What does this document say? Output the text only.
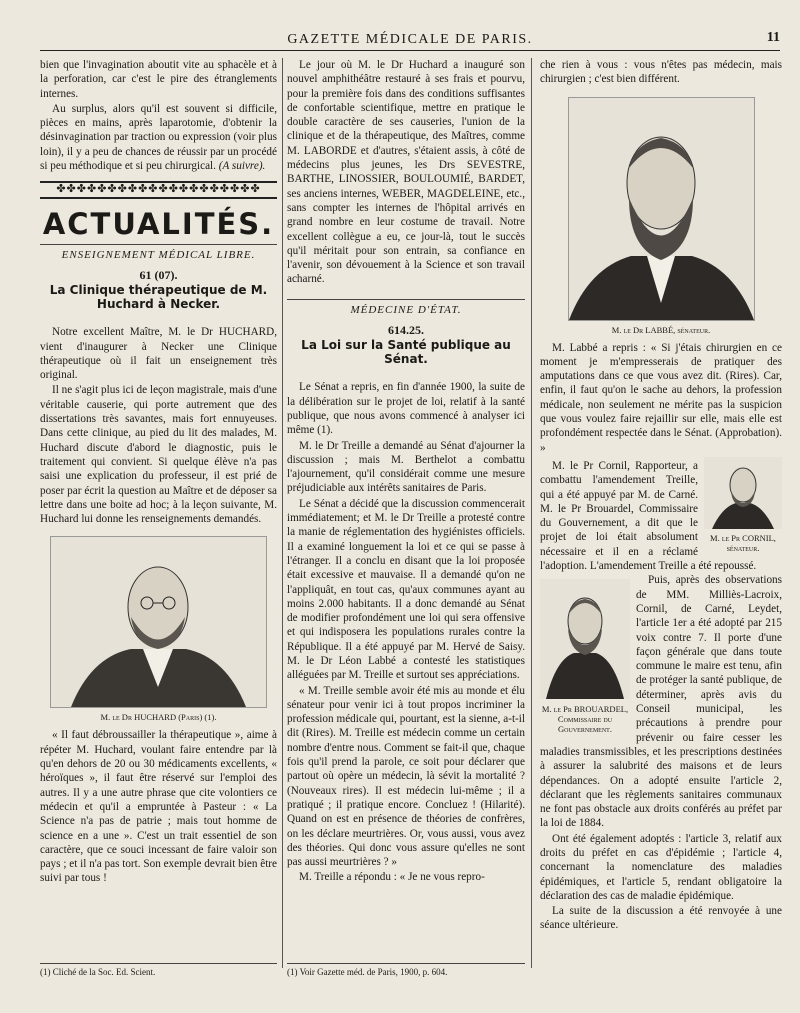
GAZETTE MÉDICALE DE PARIS.	11

bien que l'invagination aboutit vite au sphacèle et à la perforation, car c'est le pire des étranglements internes.

Au surplus, alors qu'il est souvent si difficile, pièces en mains, après laparotomie, d'obtenir la désinvagination par traction ou expression (voir plus loin), il y a peu de chances de réussir par un procédé si peu méthodique et si peu chirurgical. (A suivre).

✤✤✤✤✤✤✤✤✤✤✤✤✤✤✤✤✤✤✤✤
ACTUALITÉS.
ENSEIGNEMENT MÉDICAL LIBRE.
61 (07).
La Clinique thérapeutique de M. Huchard à Necker.

Notre excellent Maître, M. le Dr HUCHARD, vient d'inaugurer à Necker une Clinique thérapeutique où il fait un enseignement très original.

Il ne s'agit plus ici de leçon magistrale, mais d'une véritable causerie, qui porte autrement que des dissertations très savantes, mais fort ennuyeuses. Dans cette clinique, au pied du lit des malades, M. Huchard discute d'abord le diagnostic, puis le traitement qui convient. Si quelque élève n'a pas saisi une explication du professeur, il est prié de poser par écrit la question au Maître et de déposer sa lettre dans une boite ad hoc; à la leçon suivante, M. Huchard lui donne les renseignements demandés.

M. le Dr HUCHARD (Paris) (1).

« Il faut débroussailler la thérapeutique », aime à répéter M. Huchard, voulant faire entendre par là qu'en dehors de 20 ou 30 médicaments excellents, « héroïques », il faut être réservé sur l'emploi des autres. Il y a une autre phrase que cite volontiers ce médecin et qu'il a empruntée à Pasteur : « La Science n'a pas de patrie ; mais tout homme de science en a une ». C'est un trait essentiel de son caractère, que ce souci incessant de faire valoir son pays ; et il n'a pas tort. Son exemple devrait bien être suivi par tous !

(1) Cliché de la Soc. Ed. Scient.

Le jour où M. le Dr Huchard a inauguré son nouvel amphithéâtre restauré à ses frais et pourvu, pour la première fois dans des conditions suffisantes de confortable scientifique, mettre en pratique le double caractère de ses causeries, l'union de la clinique et de la thérapeutique, des Maîtres, comme M. LABORDE et d'autres, s'étaient assis, à côté de médecins plus jeunes, les Drs SEVESTRE, BARTHE, LINOSSIER, BOULOUMIÉ, BARDET, ses anciens internes, WEBER, MAGDELEINE, etc., sans compter les internes de l'hôpital arrivés en grand nombre en leur costume de travail. Notre excellent collègue a eu, ce jour-là, tout le succès qu'il méritait pour son entrain, sa confiance en l'avenir, son dévouement à la Science et son travail acharné.

MÉDECINE D'ÉTAT.
614.25.
La Loi sur la Santé publique au Sénat.

Le Sénat a repris, en fin d'année 1900, la suite de la délibération sur le projet de loi, relatif à la santé publique, que nous avons commencé à analyser ici même (1).

M. le Dr Treille a demandé au Sénat d'ajourner la discussion ; mais M. Berthelot a combattu l'ajournement, qu'il considérait comme une mesure préjudiciable aux intérêts sanitaires de Paris.

Le Sénat a décidé que la discussion commencerait immédiatement; et M. le Dr Treille a protesté contre la manie de réglementation des hygiénistes officiels. Il a examiné longuement la loi et ce qui se passe à l'étranger. Il a conclu en disant que la loi proposée était excessive et mauvaise. Il a demandé qu'on ne l'appliquât, en tout cas, qu'aux communes ayant au moins 2.000 habitants. Il a donc demandé au Sénat de modifier profondément une loi qui sera offensive et qui indisposera les populations rurales contre la République. Il a été appuyé par M. Hervé de Saisy. M. le Dr Léon Labbé a contesté les statistiques alléguées par M. Treille et surtout ses appréciations.

« M. Treille semble avoir été mis au monde et élu sénateur pour venir ici à tout propos incriminer la profession médicale qui, pourtant, est la sienne, a-t-il dit (Rires). M. Treille est médecin comme un certain nombre d'entre nous. Comment se fait-il que, chaque fois qu'il prend la parole, ce soit pour déclarer que partout où opère un médecin, là sévit la mortalité ? (Nouveaux rires). Il est médecin lui-même ; il a pratiqué ; il pratique encore. Concluez ! (Hilarité). Quand on est en présence de théories de confrères, on les déclare meurtrières. Or, vous aussi, vous avez des théories. Qui donc vous assure qu'elles ne sont pas aussi meurtrières ? »

M. Treille a répondu : « Je ne vous repro-

(1) Voir Gazette méd. de Paris, 1900, p. 604.

che rien à vous : vous n'êtes pas médecin, mais chirurgien ; c'est bien différent.

M. le Dr LABBÉ, sénateur.

M. Labbé a repris : « Si j'étais chirurgien en ce moment je m'empresserais de pratiquer des amputations dans ce que vous avez dit. (Rires). Car, enfin, il faut qu'on le sache au dehors, la profession médicale, non seulement ne mérite pas la suspicion que vous voulez faire rejaillir sur elle, mais elle est profondément respectée dans le Sénat. (Approbation). »

M. le Pr CORNIL, sénateur.

M. le Pr Cornil, Rapporteur, a combattu l'amendement Treille, qui a été appuyé par M. de Carné. M. le Pr Brouardel, Commissaire du Gouvernement, a dit que le projet de loi était absolument nécessaire et il en a réclamé l'adoption. L'amendement Treille a été repoussé.

M. le Pr BROUARDEL, Commissaire du Gouvernement.

Puis, après des observations de MM. Milliès-Lacroix, Cornil, de Carné, Leydet, l'article 1er a été adopté par 215 voix contre 7. Il porte d'une façon générale que dans toute commune le maire est tenu, afin de protéger la santé publique, de déterminer, après avis du Conseil municipal, les précautions à prendre pour prévenir ou faire cesser les maladies transmissibles, et les prescriptions destinées à assurer la salubrité des maisons et de leurs dépendances. On a adopté ensuite l'article 2, déclarant que les règlements sanitaires communaux ne font pas obstacle aux droits conférés au préfet par la loi de 1884.

Ont été également adoptés : l'article 3, relatif aux droits du préfet en cas d'épidémie ; l'article 4, concernant la nomenclature des maladies épidémiques, et l'article 5, rendant obligatoire la déclaration des cas de maladie épidémique.

La suite de la discussion a été renvoyée à une séance ultérieure.
